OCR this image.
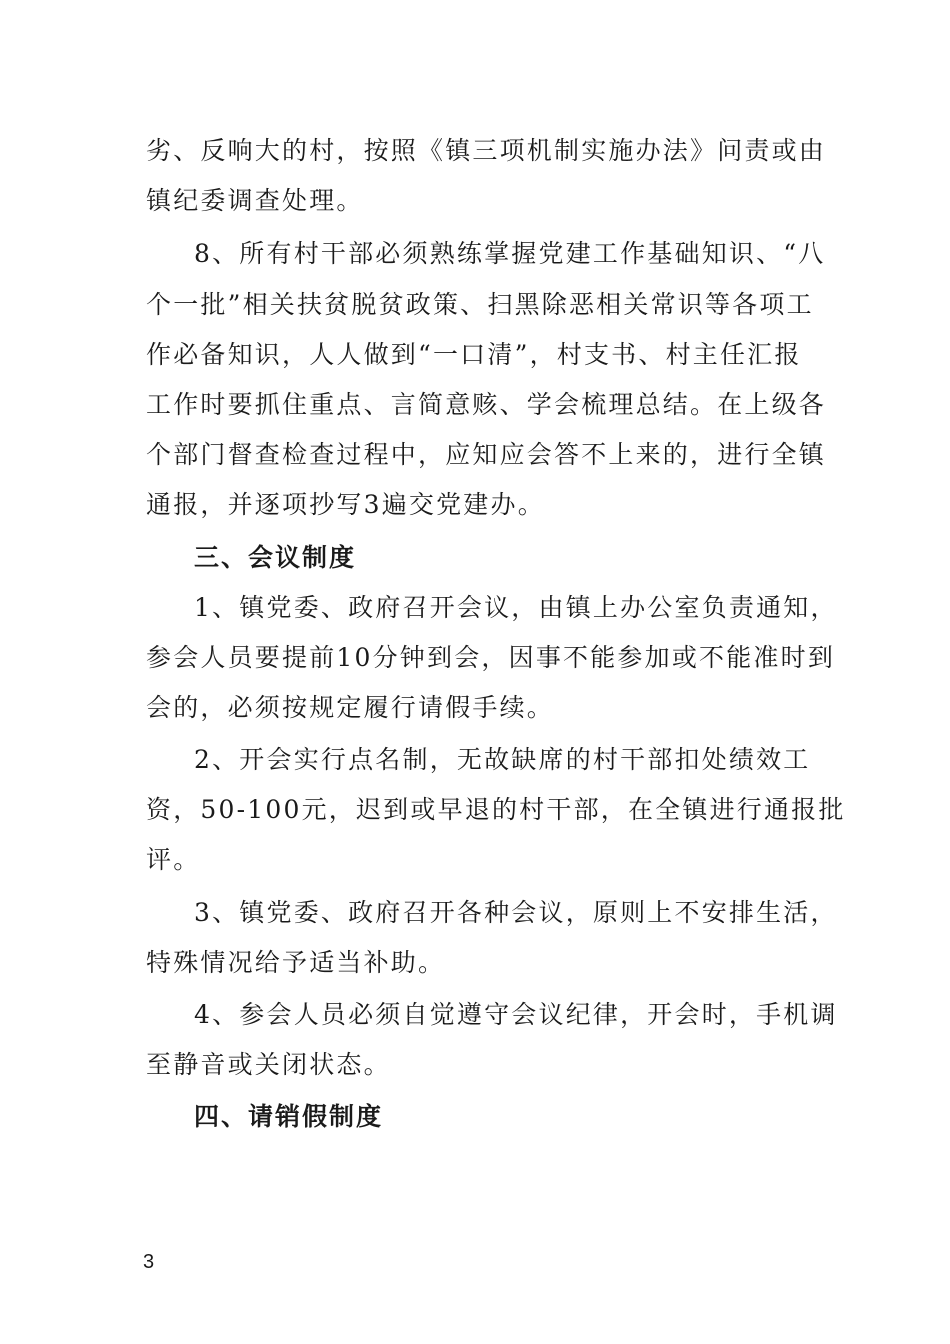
劣、反响大的村，按照《镇三项机制实施办法》问责或由
镇纪委调查处理。
8、所有村干部必须熟练掌握党建工作基础知识、“八
个一批”相关扶贫脱贫政策、扫黑除恶相关常识等各项工
作必备知识，人人做到“一口清”，村支书、村主任汇报
工作时要抓住重点、言简意赅、学会梳理总结。在上级各
个部门督查检查过程中，应知应会答不上来的，进行全镇
通报，并逐项抄写3遍交党建办。
三、会议制度
1、镇党委、政府召开会议，由镇上办公室负责通知，
参会人员要提前10分钟到会，因事不能参加或不能准时到
会的，必须按规定履行请假手续。
2、开会实行点名制，无故缺席的村干部扣处绩效工
资，50-100元，迟到或早退的村干部，在全镇进行通报批
评。
3、镇党委、政府召开各种会议，原则上不安排生活，
特殊情况给予适当补助。
4、参会人员必须自觉遵守会议纪律，开会时，手机调
至静音或关闭状态。
四、请销假制度
3
